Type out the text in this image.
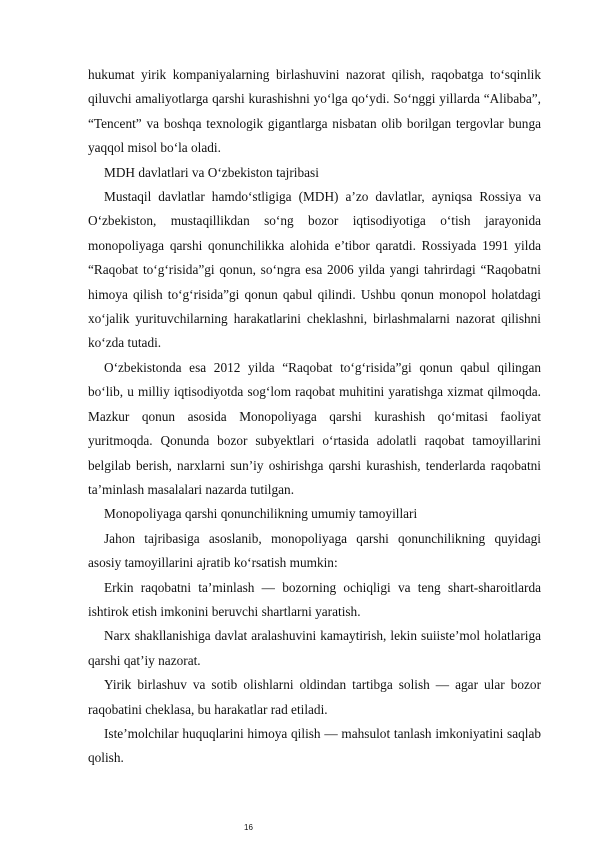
hukumat yirik kompaniyalarning birlashuvini nazorat qilish, raqobatga to‘sqinlik qiluvchi amaliyotlarga qarshi kurashishni yo‘lga qo‘ydi. So‘nggi yillarda “Alibaba”, “Tencent” va boshqa texnologik gigantlarga nisbatan olib borilgan tergovlar bunga yaqqol misol bo‘la oladi.

MDH davlatlari va O‘zbekiston tajribasi

Mustaqil davlatlar hamdo‘stligiga (MDH) a’zo davlatlar, ayniqsa Rossiya va O‘zbekiston, mustaqillikdan so‘ng bozor iqtisodiyotiga o‘tish jarayonida monopoliyaga qarshi qonunchilikka alohida e’tibor qaratdi. Rossiyada 1991 yilda “Raqobat to‘g‘risida”gi qonun, so‘ngra esa 2006 yilda yangi tahrirdagi “Raqobatni himoya qilish to‘g‘risida”gi qonun qabul qilindi. Ushbu qonun monopol holatdagi xo‘jalik yurituvchilarning harakatlarini cheklashni, birlashmalarni nazorat qilishni ko‘zda tutadi.

O‘zbekistonda esa 2012 yilda “Raqobat to‘g‘risida”gi qonun qabul qilingan bo‘lib, u milliy iqtisodiyotda sog‘lom raqobat muhitini yaratishga xizmat qilmoqda. Mazkur qonun asosida Monopoliyaga qarshi kurashish qo‘mitasi faoliyat yuritmoqda. Qonunda bozor subyektlari o‘rtasida adolatli raqobat tamoyillarini belgilab berish, narxlarni sun’iy oshirishga qarshi kurashish, tenderlarda raqobatni ta’minlash masalalari nazarda tutilgan.

Monopoliyaga qarshi qonunchilikning umumiy tamoyillari

Jahon tajribasiga asoslanib, monopoliyaga qarshi qonunchilikning quyidagi asosiy tamoyillarini ajratib ko‘rsatish mumkin:

Erkin raqobatni ta’minlash — bozorning ochiqligi va teng shart-sharoitlarda ishtirok etish imkonini beruvchi shartlarni yaratish.

Narx shakllanishiga davlat aralashuvini kamaytirish, lekin suiiste’mol holatlariga qarshi qat’iy nazorat.

Yirik birlashuv va sotib olishlarni oldindan tartibga solish — agar ular bozor raqobatini cheklasa, bu harakatlar rad etiladi.

Iste’molchilar huquqlarini himoya qilish — mahsulot tanlash imkoniyatini saqlab qolish.

16
